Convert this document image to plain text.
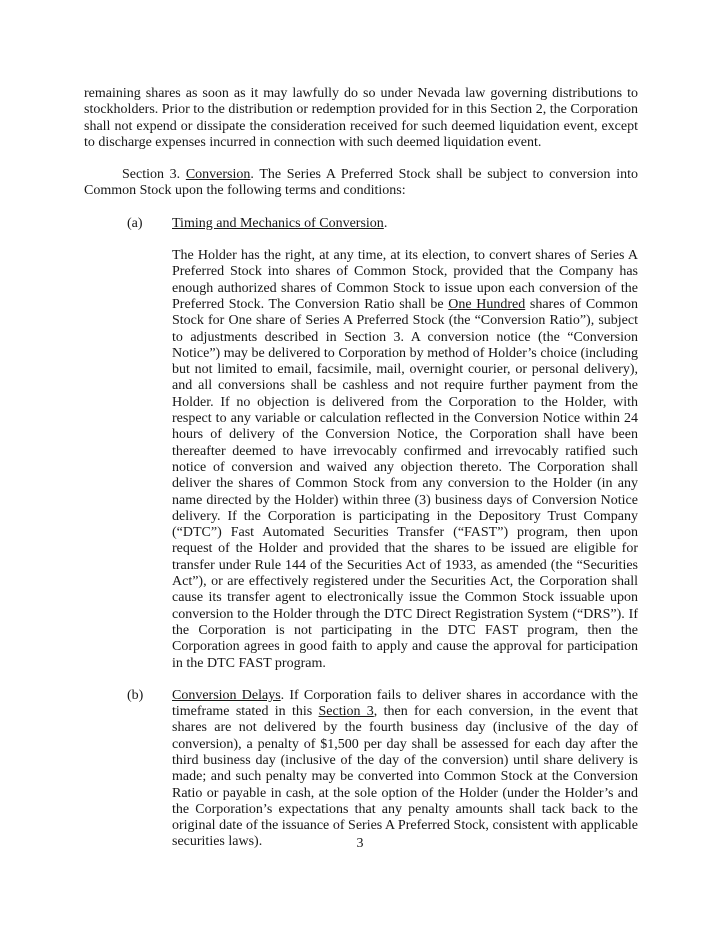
remaining shares as soon as it may lawfully do so under Nevada law governing distributions to stockholders. Prior to the distribution or redemption provided for in this Section 2, the Corporation shall not expend or dissipate the consideration received for such deemed liquidation event, except to discharge expenses incurred in connection with such deemed liquidation event.

Section 3. Conversion. The Series A Preferred Stock shall be subject to conversion into Common Stock upon the following terms and conditions:

(a) Timing and Mechanics of Conversion.

The Holder has the right, at any time, at its election, to convert shares of Series A Preferred Stock into shares of Common Stock, provided that the Company has enough authorized shares of Common Stock to issue upon each conversion of the Preferred Stock. The Conversion Ratio shall be One Hundred shares of Common Stock for One share of Series A Preferred Stock (the “Conversion Ratio”), subject to adjustments described in Section 3. A conversion notice (the “Conversion Notice”) may be delivered to Corporation by method of Holder’s choice (including but not limited to email, facsimile, mail, overnight courier, or personal delivery), and all conversions shall be cashless and not require further payment from the Holder. If no objection is delivered from the Corporation to the Holder, with respect to any variable or calculation reflected in the Conversion Notice within 24 hours of delivery of the Conversion Notice, the Corporation shall have been thereafter deemed to have irrevocably confirmed and irrevocably ratified such notice of conversion and waived any objection thereto. The Corporation shall deliver the shares of Common Stock from any conversion to the Holder (in any name directed by the Holder) within three (3) business days of Conversion Notice delivery. If the Corporation is participating in the Depository Trust Company (“DTC”) Fast Automated Securities Transfer (“FAST”) program, then upon request of the Holder and provided that the shares to be issued are eligible for transfer under Rule 144 of the Securities Act of 1933, as amended (the “Securities Act”), or are effectively registered under the Securities Act, the Corporation shall cause its transfer agent to electronically issue the Common Stock issuable upon conversion to the Holder through the DTC Direct Registration System (“DRS”). If the Corporation is not participating in the DTC FAST program, then the Corporation agrees in good faith to apply and cause the approval for participation in the DTC FAST program.

(b) Conversion Delays. If Corporation fails to deliver shares in accordance with the timeframe stated in this Section 3, then for each conversion, in the event that shares are not delivered by the fourth business day (inclusive of the day of conversion), a penalty of $1,500 per day shall be assessed for each day after the third business day (inclusive of the day of the conversion) until share delivery is made; and such penalty may be converted into Common Stock at the Conversion Ratio or payable in cash, at the sole option of the Holder (under the Holder’s and the Corporation’s expectations that any penalty amounts shall tack back to the original date of the issuance of Series A Preferred Stock, consistent with applicable securities laws).	3
